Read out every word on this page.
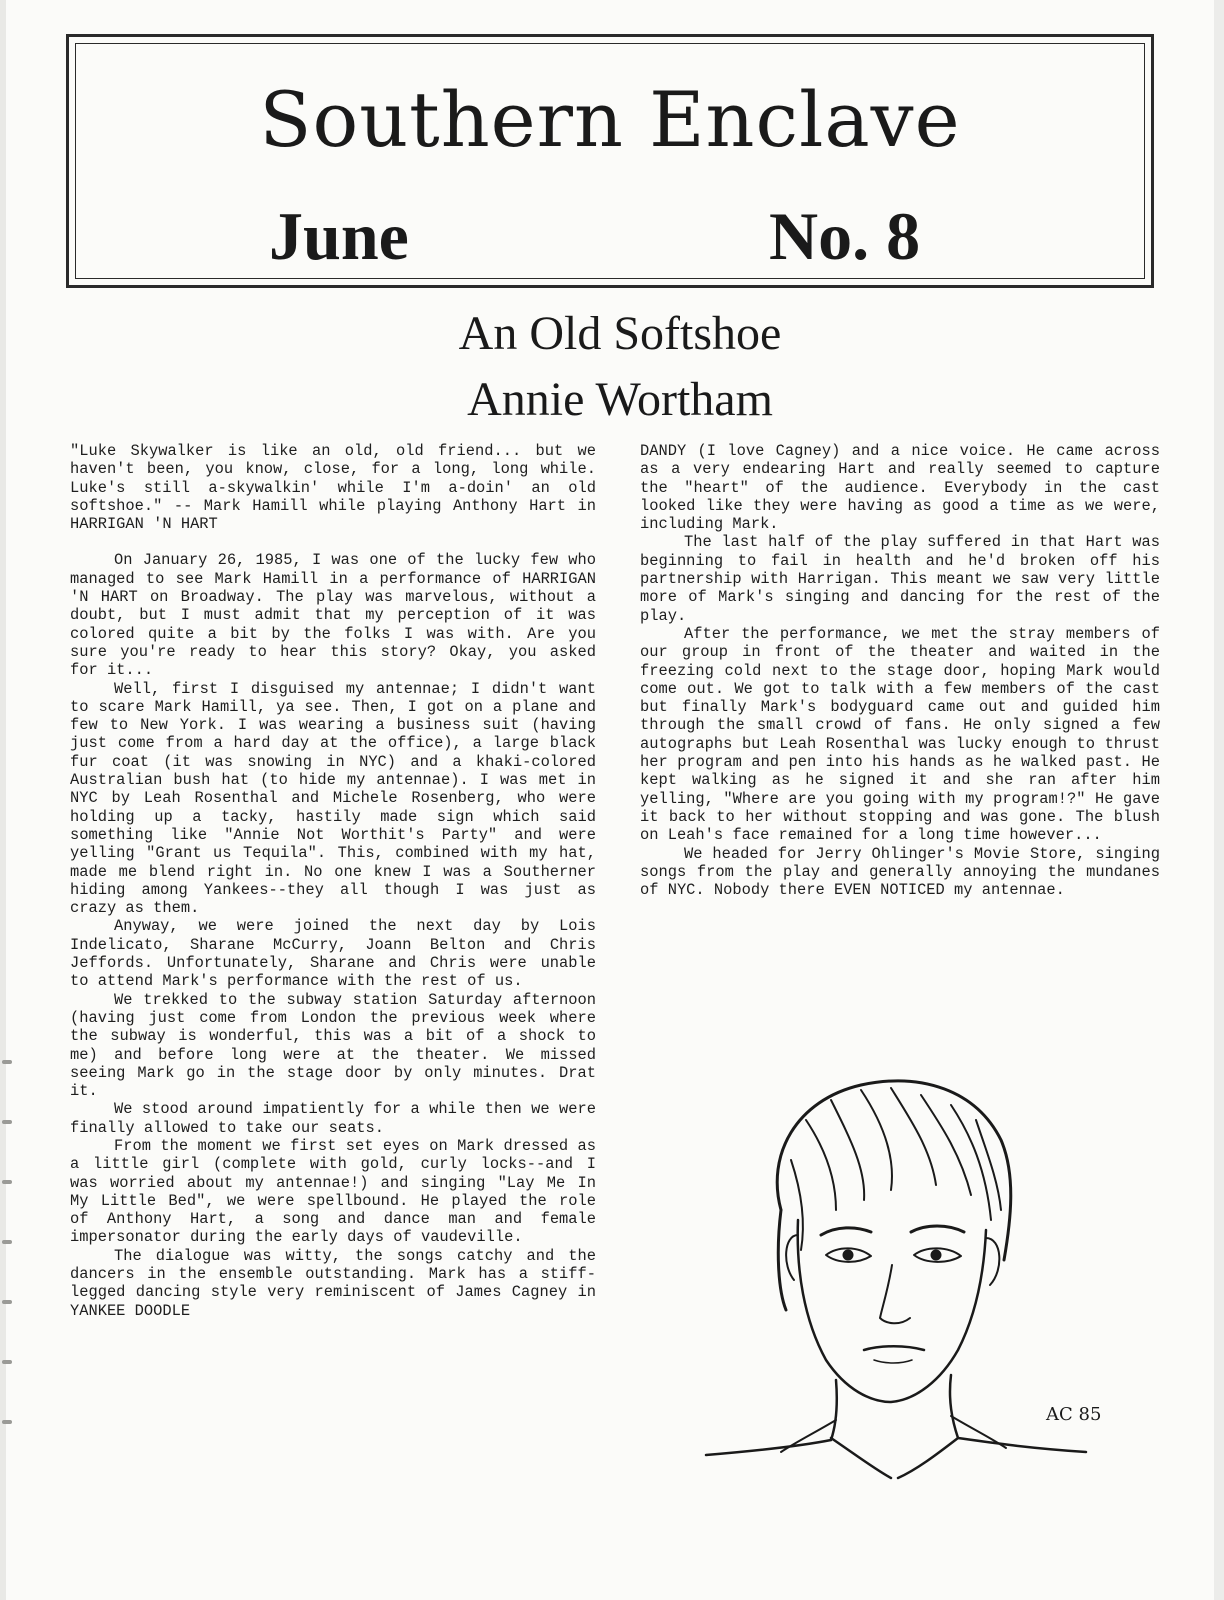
Southern Enclave
June	No. 8
An Old Softshoe
Annie Wortham

"Luke Skywalker is like an old, old friend... but we haven't been, you know, close, for a long, long while. Luke's still a-skywalkin' while I'm a-doin' an old softshoe." -- Mark Hamill while playing Anthony Hart in HARRIGAN 'N HART

On January 26, 1985, I was one of the lucky few who managed to see Mark Hamill in a performance of HARRIGAN 'N HART on Broadway. The play was marvelous, without a doubt, but I must admit that my perception of it was colored quite a bit by the folks I was with. Are you sure you're ready to hear this story? Okay, you asked for it...

Well, first I disguised my antennae; I didn't want to scare Mark Hamill, ya see. Then, I got on a plane and few to New York. I was wearing a business suit (having just come from a hard day at the office), a large black fur coat (it was snowing in NYC) and a khaki-colored Australian bush hat (to hide my antennae). I was met in NYC by Leah Rosenthal and Michele Rosenberg, who were holding up a tacky, hastily made sign which said something like "Annie Not Worthit's Party" and were yelling "Grant us Tequila". This, combined with my hat, made me blend right in. No one knew I was a Southerner hiding among Yankees--they all though I was just as crazy as them.

Anyway, we were joined the next day by Lois Indelicato, Sharane McCurry, Joann Belton and Chris Jeffords. Unfortunately, Sharane and Chris were unable to attend Mark's performance with the rest of us.

We trekked to the subway station Saturday afternoon (having just come from London the previous week where the subway is wonderful, this was a bit of a shock to me) and before long were at the theater. We missed seeing Mark go in the stage door by only minutes. Drat it.

We stood around impatiently for a while then we were finally allowed to take our seats.

From the moment we first set eyes on Mark dressed as a little girl (complete with gold, curly locks--and I was worried about my antennae!) and singing "Lay Me In My Little Bed", we were spellbound. He played the role of Anthony Hart, a song and dance man and female impersonator during the early days of vaudeville.

The dialogue was witty, the songs catchy and the dancers in the ensemble outstanding. Mark has a stiff-legged dancing style very reminiscent of James Cagney in YANKEE DOODLE

DANDY (I love Cagney) and a nice voice. He came across as a very endearing Hart and really seemed to capture the "heart" of the audience. Everybody in the cast looked like they were having as good a time as we were, including Mark.

The last half of the play suffered in that Hart was beginning to fail in health and he'd broken off his partnership with Harrigan. This meant we saw very little more of Mark's singing and dancing for the rest of the play.

After the performance, we met the stray members of our group in front of the theater and waited in the freezing cold next to the stage door, hoping Mark would come out. We got to talk with a few members of the cast but finally Mark's bodyguard came out and guided him through the small crowd of fans. He only signed a few autographs but Leah Rosenthal was lucky enough to thrust her program and pen into his hands as he walked past. He kept walking as he signed it and she ran after him yelling, "Where are you going with my program!?" He gave it back to her without stopping and was gone. The blush on Leah's face remained for a long time however...

We headed for Jerry Ohlinger's Movie Store, singing songs from the play and generally annoying the mundanes of NYC. Nobody there EVEN NOTICED my antennae.

AC 85
